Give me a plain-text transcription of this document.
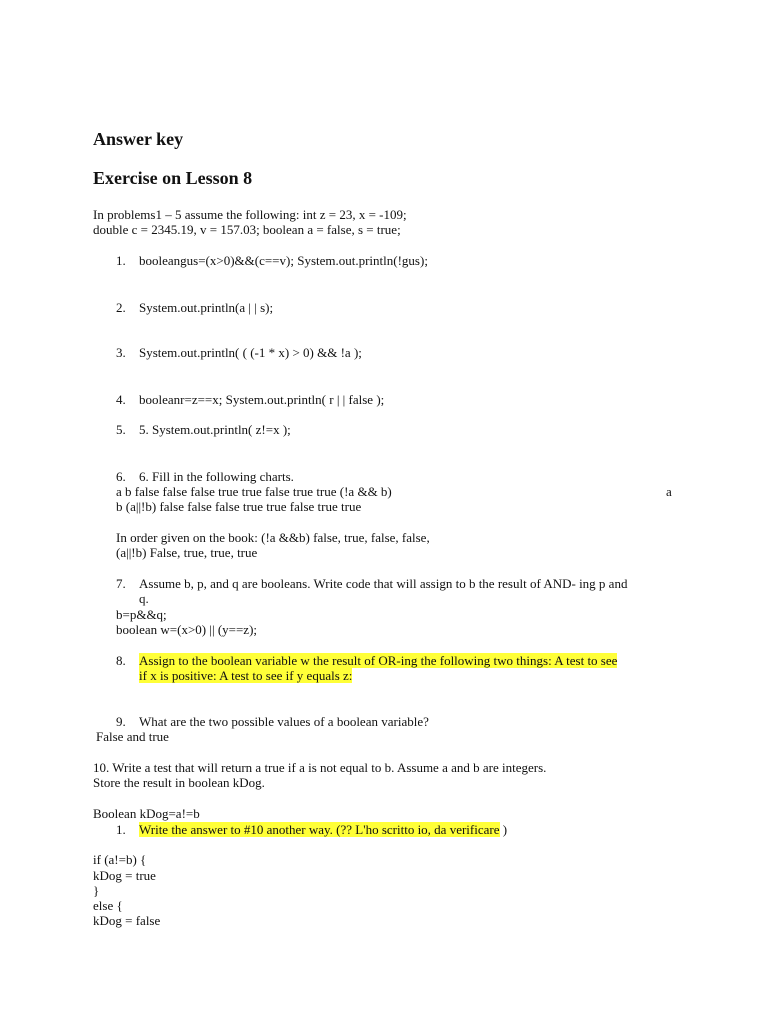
Answer key
Exercise on Lesson 8
In problems1 – 5 assume the following: int z = 23, x = -109;
double c = 2345.19, v = 157.03; boolean a = false, s = true;
1. booleangus=(x>0)&&(c==v); System.out.println(!gus);
2. System.out.println(a | | s);
3. System.out.println( ( (-1 * x) > 0) && !a );
4. booleanr=z==x; System.out.println( r | | false );
5. 5. System.out.println( z!=x );
6. 6. Fill in the following charts.
a b false false false true true false true true (!a && b)	a
b (a||!b) false false false true true false true true
In order given on the book: (!a &&b) false, true, false, false,
(a||!b) False, true, true, true
7. Assume b, p, and q are booleans. Write code that will assign to b the result of AND- ing p and
q.
b=p&&q;
boolean w=(x>0) || (y==z);
8. Assign to the boolean variable w the result of OR-ing the following two things: A test to see
if x is positive: A test to see if y equals z:
9. What are the two possible values of a boolean variable?
False and true
10. Write a test that will return a true if a is not equal to b. Assume a and b are integers.
Store the result in boolean kDog.
Boolean kDog=a!=b
1. Write the answer to #10 another way. (?? L'ho scritto io, da verificare )
if (a!=b) {
kDog = true
}
else {
kDog = false
